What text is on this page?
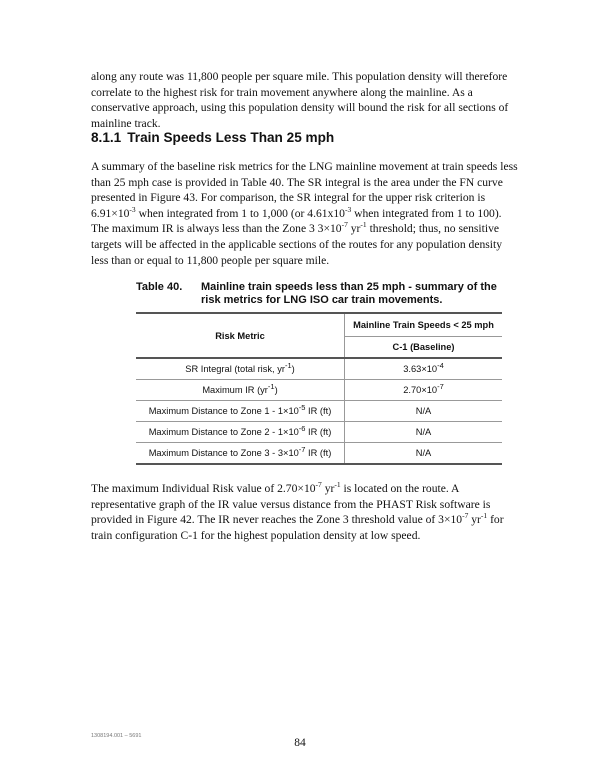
along any route was 11,800 people per square mile. This population density will therefore correlate to the highest risk for train movement anywhere along the mainline. As a conservative approach, using this population density will bound the risk for all sections of mainline track.
8.1.1 Train Speeds Less Than 25 mph
A summary of the baseline risk metrics for the LNG mainline movement at train speeds less than 25 mph case is provided in Table 40. The SR integral is the area under the FN curve presented in Figure 43. For comparison, the SR integral for the upper risk criterion is $6.91\times 10^{-3}$ when integrated from 1 to 1,000 (or $4.61x10^{-3}$ when integrated from 1 to 100). The maximum IR is always less than the Zone 3 $3\times 10^{-7}$ $yr^{-1}$ threshold; thus, no sensitive targets will be affected in the applicable sections of the routes for any population density less than or equal to 11,800 people per square mile.
Table 40. Mainline train speeds less than 25 mph - summary of the risk metrics for LNG ISO car train movements.

Risk Metric	Mainline Train Speeds < 25 mph
	C-1 (Baseline)
SR Integral (total risk, $yr^{-1}$)	$3.63\times 10^{-4}$
Maximum IR $(yr^{-1})$	$2.70\times 10^{-7}$
Maximum Distance to Zone $1 - 1\times 10^{-5}$ IR (ft)	N/A
Maximum Distance to Zone $2 - 1\times 10^{-6}$ IR (ft)	N/A
Maximum Distance to Zone $3 - 3\times 10^{-7}$ IR (ft)	N/A
The maximum Individual Risk value of $2.70\times 10^{-7}$ $yr^{-1}$ is located on the route. A representative graph of the IR value versus distance from the PHAST Risk software is provided in Figure 42. The IR never reaches the Zone 3 threshold value of $3\times 10^{-7}$ $yr^{-1}$ for train configuration C-1 for the highest population density at low speed.
1308194.001 – 5691
84
